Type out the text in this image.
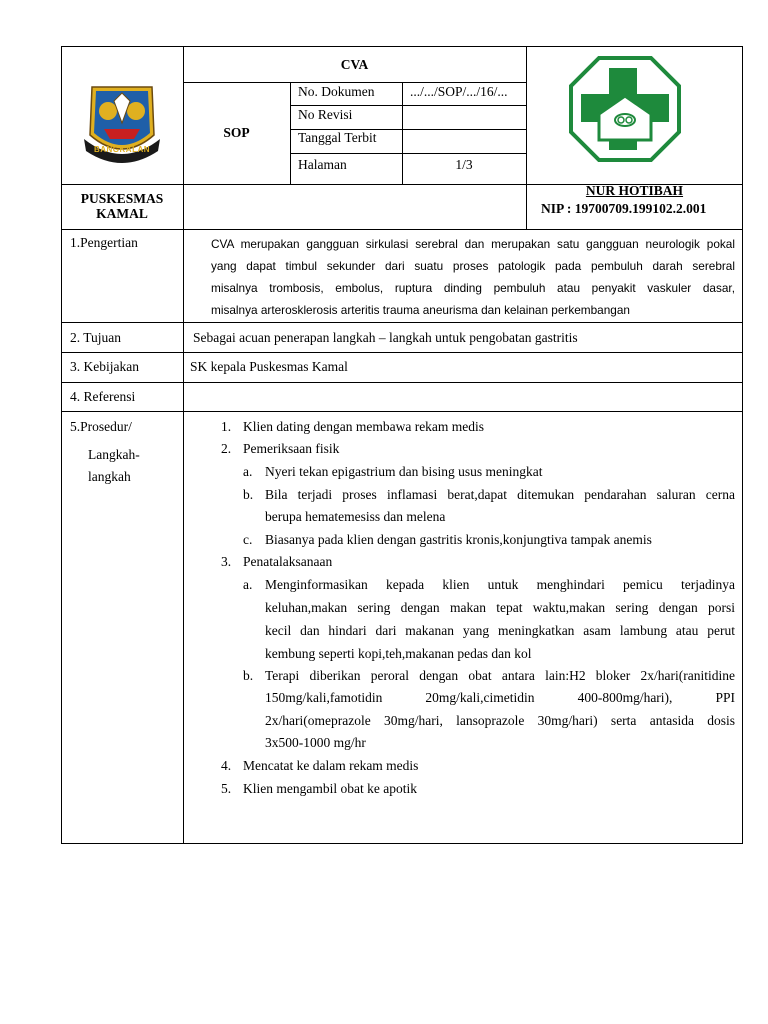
BANGKALAN
CVA
SOP
No. Dokumen	.../.../SOP/.../16/...
No Revisi
Tanggal Terbit
Halaman	1/3
PUSKESMAS
KAMAL
NUR HOTIBAH
NIP : 19700709.199102.2.001
1.Pengertian	CVA merupakan gangguan sirkulasi serebral dan merupakan satu gangguan neurologik pokal
yang dapat timbul sekunder dari suatu proses patologik pada pembuluh darah serebral
misalnya trombosis, embolus, ruptura dinding pembuluh atau penyakit vaskuler dasar,
misalnya arterosklerosis arteritis trauma aneurisma dan kelainan perkembangan
2. Tujuan	Sebagai acuan penerapan langkah – langkah untuk pengobatan gastritis
3. Kebijakan	SK kepala Puskesmas Kamal
4. Referensi
5.Prosedur/
Langkah-
langkah
1. Klien dating dengan membawa rekam medis
2. Pemeriksaan fisik
a. Nyeri tekan epigastrium dan bising usus meningkat
b. Bila terjadi proses inflamasi berat,dapat ditemukan pendarahan saluran cerna
berupa hematemesiss dan melena
c. Biasanya pada klien dengan gastritis kronis,konjungtiva tampak anemis
3. Penatalaksanaan
a. Menginformasikan kepada klien untuk menghindari pemicu terjadinya
keluhan,makan sering dengan makan tepat waktu,makan sering dengan porsi
kecil dan hindari dari makanan yang meningkatkan asam lambung atau perut
kembung seperti kopi,teh,makanan pedas dan kol
b. Terapi diberikan peroral dengan obat antara lain:H2 bloker 2x/hari(ranitidine
150mg/kali,famotidin 20mg/kali,cimetidin 400-800mg/hari), PPI
2x/hari(omeprazole 30mg/hari, lansoprazole 30mg/hari) serta antasida dosis
3x500-1000 mg/hr
4. Mencatat ke dalam rekam medis
5. Klien mengambil obat ke apotik
